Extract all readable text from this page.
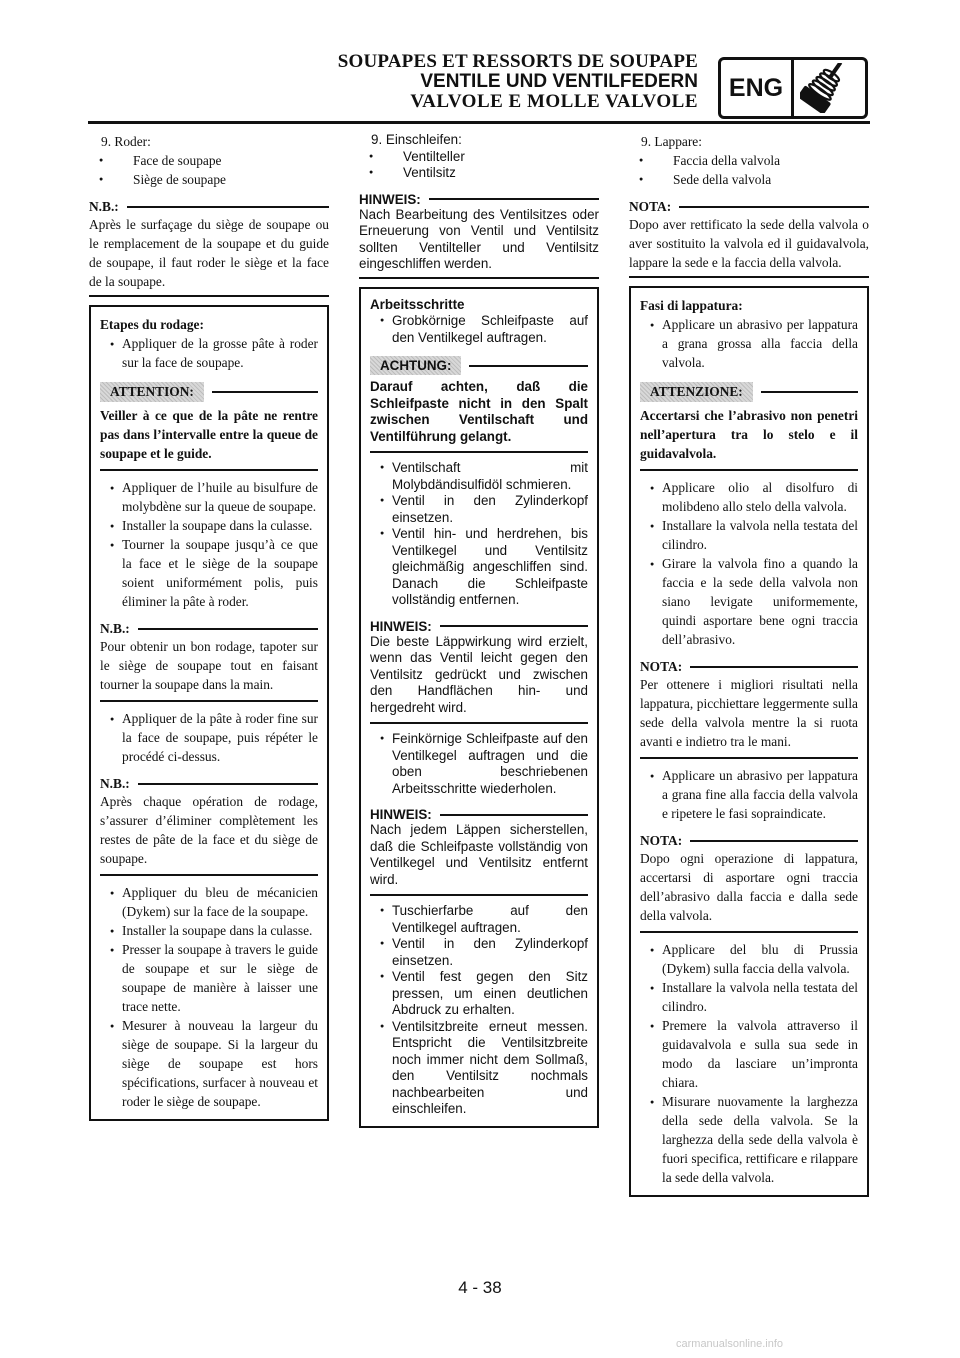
SOUPAPES ET RESSORTS DE SOUPAPE
VENTILE UND VENTILFEDERN
VALVOLE E MOLLE VALVOLE	ENG
9. Roder:
● Face de soupape
● Siège de soupape
N.B.:
Après le surfaçage du siège de soupape ou le remplacement de la soupape et du guide de soupape, il faut roder le siège et la face de la soupape.
Etapes du rodage:
● Appliquer de la grosse pâte à roder sur la face de soupape.
ATTENTION:
Veiller à ce que de la pâte ne rentre pas dans l’intervalle entre la queue de soupape et le guide.
● Appliquer de l’huile au bisulfure de molybdène sur la queue de soupape.
● Installer la soupape dans la culasse.
● Tourner la soupape jusqu’à ce que la face et le siège de la soupape soient uniformément polis, puis éliminer la pâte à roder.
N.B.:
Pour obtenir un bon rodage, tapoter sur le siège de soupape tout en faisant tourner la soupape dans la main.
● Appliquer de la pâte à roder fine sur la face de soupape, puis répéter le procédé ci-dessus.
N.B.:
Après chaque opération de rodage, s’assurer d’éliminer complètement les restes de pâte de la face et du siège de soupape.
● Appliquer du bleu de mécanicien (Dykem) sur la face de la soupape.
● Installer la soupape dans la culasse.
● Presser la soupape à travers le guide de soupape et sur le siège de soupape de manière à laisser une trace nette.
● Mesurer à nouveau la largeur du siège de soupape. Si la largeur du siège de soupape est hors spécifications, surfacer à nouveau et roder le siège de soupape.
9. Einschleifen:
● Ventilteller
● Ventilsitz
HINWEIS:
Nach Bearbeitung des Ventilsitzes oder Erneuerung von Ventil und Ventilsitz sollten Ventilteller und Ventilsitz eingeschliffen werden.
Arbeitsschritte
● Grobkörnige Schleifpaste auf den Ventilkegel auftragen.
ACHTUNG:
Darauf achten, daß die Schleifpaste nicht in den Spalt zwischen Ventilschaft und Ventilführung gelangt.
● Ventilschaft mit Molybdändisulfidöl schmieren.
● Ventil in den Zylinderkopf einsetzen.
● Ventil hin- und herdrehen, bis Ventilkegel und Ventilsitz gleichmäßig angeschliffen sind. Danach die Schleifpaste vollständig entfernen.
HINWEIS:
Die beste Läppwirkung wird erzielt, wenn das Ventil leicht gegen den Ventilsitz gedrückt und zwischen den Handflächen hin- und hergedreht wird.
● Feinkörnige Schleifpaste auf den Ventilkegel auftragen und die oben beschriebenen Arbeitsschritte wiederholen.
HINWEIS:
Nach jedem Läppen sicherstellen, daß die Schleifpaste vollständig von Ventilkegel und Ventilsitz entfernt wird.
● Tuschierfarbe auf den Ventilkegel auftragen.
● Ventil in den Zylinderkopf einsetzen.
● Ventil fest gegen den Sitz pressen, um einen deutlichen Abdruck zu erhalten.
● Ventilsitzbreite erneut messen. Entspricht die Ventilsitzbreite noch immer nicht dem Sollmaß, den Ventilsitz nochmals nachbearbeiten und einschleifen.
9. Lappare:
● Faccia della valvola
● Sede della valvola
NOTA:
Dopo aver rettificato la sede della valvola o aver sostituito la valvola ed il guidavalvola, lappare la sede e la faccia della valvola.
Fasi di lappatura:
● Applicare un abrasivo per lappatura a grana grossa alla faccia della valvola.
ATTENZIONE:
Accertarsi che l’abrasivo non penetri nell’apertura tra lo stelo e il guidavalvola.
● Applicare olio al disolfuro di molibdeno allo stelo della valvola.
● Installare la valvola nella testata del cilindro.
● Girare la valvola fino a quando la faccia e la sede della valvola non siano levigate uniformemente, quindi asportare bene ogni traccia dell’abrasivo.
NOTA:
Per ottenere i migliori risultati nella lappatura, picchiettare leggermente sulla sede della valvola mentre la si ruota avanti e indietro tra le mani.
● Applicare un abrasivo per lappatura a grana fine alla faccia della valvola e ripetere le fasi sopraindicate.
NOTA:
Dopo ogni operazione di lappatura, accertarsi di asportare ogni traccia dell’abrasivo dalla faccia e dalla sede della valvola.
● Applicare del blu di Prussia (Dykem) sulla faccia della valvola.
● Installare la valvola nella testata del cilindro.
● Premere la valvola attraverso il guidavalvola e sulla sua sede in modo da lasciare un’impronta chiara.
● Misurare nuovamente la larghezza della sede della valvola. Se la larghezza della sede della valvola è fuori specifica, rettificare e rilappare la sede della valvola.
4 - 38
carmanualsonline.info
